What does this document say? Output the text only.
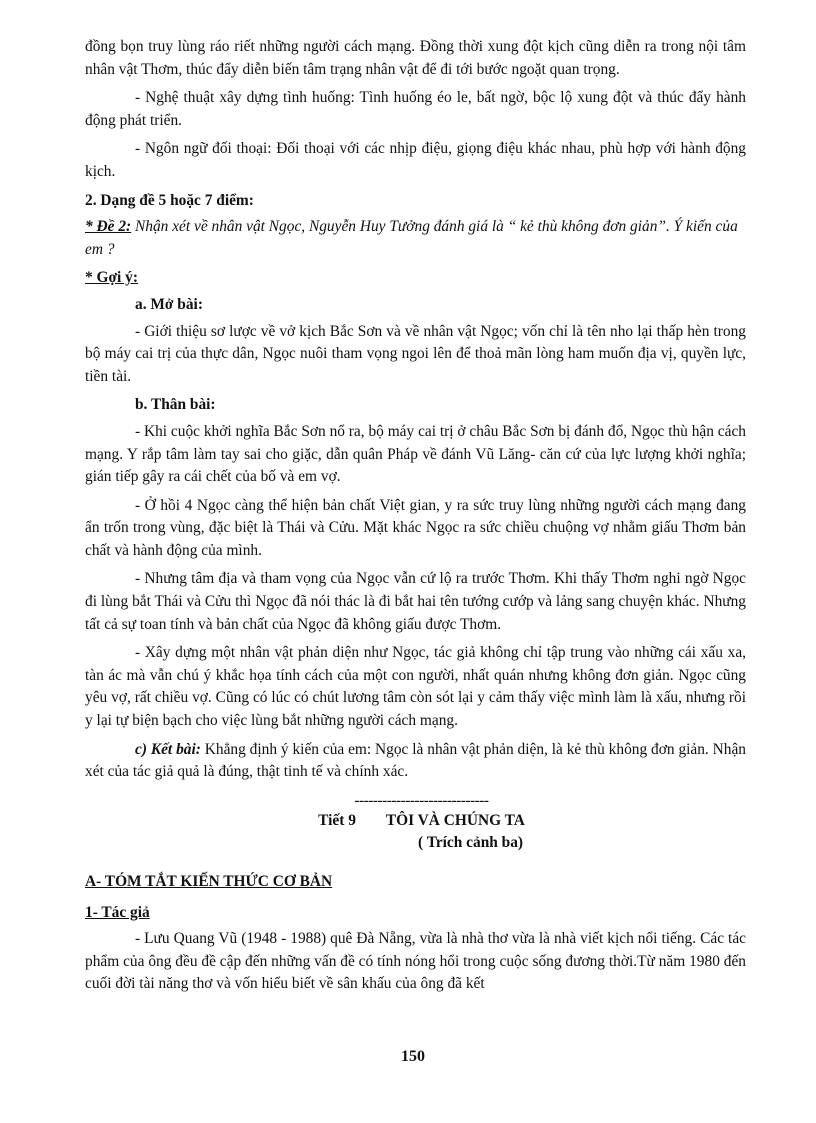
đồng bọn truy lùng ráo riết những người cách mạng. Đồng thời xung đột kịch cũng diễn ra trong nội tâm nhân vật Thơm, thúc đẩy diễn biến tâm trạng nhân vật để đi tới bước ngoặt quan trọng.

- Nghệ thuật xây dựng tình huống: Tình huống éo le, bất ngờ, bộc lộ xung đột và thúc đẩy hành động phát triển.

- Ngôn ngữ đối thoại: Đối thoại với các nhịp điệu, giọng điệu khác nhau, phù hợp với hành động kịch.

2. Dạng đề 5 hoặc 7 điểm:

* Đề 2: Nhận xét về nhân vật Ngọc, Nguyễn Huy Tưởng đánh giá là “ kẻ thù không đơn giản”. Ý kiến của em ?

* Gợi ý:

a. Mở bài:

- Giới thiệu sơ lược về vở kịch Bắc Sơn và về nhân vật Ngọc; vốn chỉ là tên nho lại thấp hèn trong bộ máy cai trị của thực dân, Ngọc nuôi tham vọng ngoi lên để thoả mãn lòng ham muốn địa vị, quyền lực, tiền tài.

b. Thân bài:

- Khi cuộc khởi nghĩa Bắc Sơn nổ ra, bộ máy cai trị ở châu Bắc Sơn bị đánh đổ, Ngọc thù hận cách mạng. Y rắp tâm làm tay sai cho giặc, dẫn quân Pháp về đánh Vũ Lăng- căn cứ của lực lượng khởi nghĩa; gián tiếp gây ra cái chết của bố và em vợ.

- Ở hồi 4 Ngọc càng thể hiện bản chất Việt gian, y ra sức truy lùng những người cách mạng đang ẩn trốn trong vùng, đặc biệt là Thái và Cửu. Mặt khác Ngọc ra sức chiều chuộng vợ nhằm giấu Thơm bản chất và hành động của mình.

- Nhưng tâm địa và tham vọng của Ngọc vẫn cứ lộ ra trước Thơm. Khi thấy Thơm nghi ngờ Ngọc đi lùng bắt Thái và Cửu thì Ngọc đã nói thác là đi bắt hai tên tướng cướp và lảng sang chuyện khác. Nhưng tất cả sự toan tính và bản chất của Ngọc đã không giấu được Thơm.

- Xây dựng một nhân vật phản diện như Ngọc, tác giả không chỉ tập trung vào những cái xấu xa, tàn ác mà vẫn chú ý khắc họa tính cách của một con người, nhất quán nhưng không đơn giản. Ngọc cũng yêu vợ, rất chiều vợ. Cũng có lúc có chút lương tâm còn sót lại y cảm thấy việc mình làm là xấu, nhưng rồi y lại tự biện bạch cho việc lùng bắt những người cách mạng.

c) Kết bài: Khẳng định ý kiến của em: Ngọc là nhân vật phản diện, là kẻ thù không đơn giản. Nhận xét của tác giả quả là đúng, thật tinh tế và chính xác.

-----------------------------

Tiết 9 TÔI VÀ CHÚNG TA

( Trích cảnh ba)

A- TÓM TẮT KIẾN THỨC CƠ BẢN

1- Tác giả

- Lưu Quang Vũ (1948 - 1988) quê Đà Nẵng, vừa là nhà thơ vừa là nhà viết kịch nổi tiếng. Các tác phẩm của ông đều đề cập đến những vấn đề có tính nóng hổi trong cuộc sống đương thời.Từ năm 1980 đến cuối đời tài năng thơ và vốn hiểu biết về sân khấu của ông đã kết

150
